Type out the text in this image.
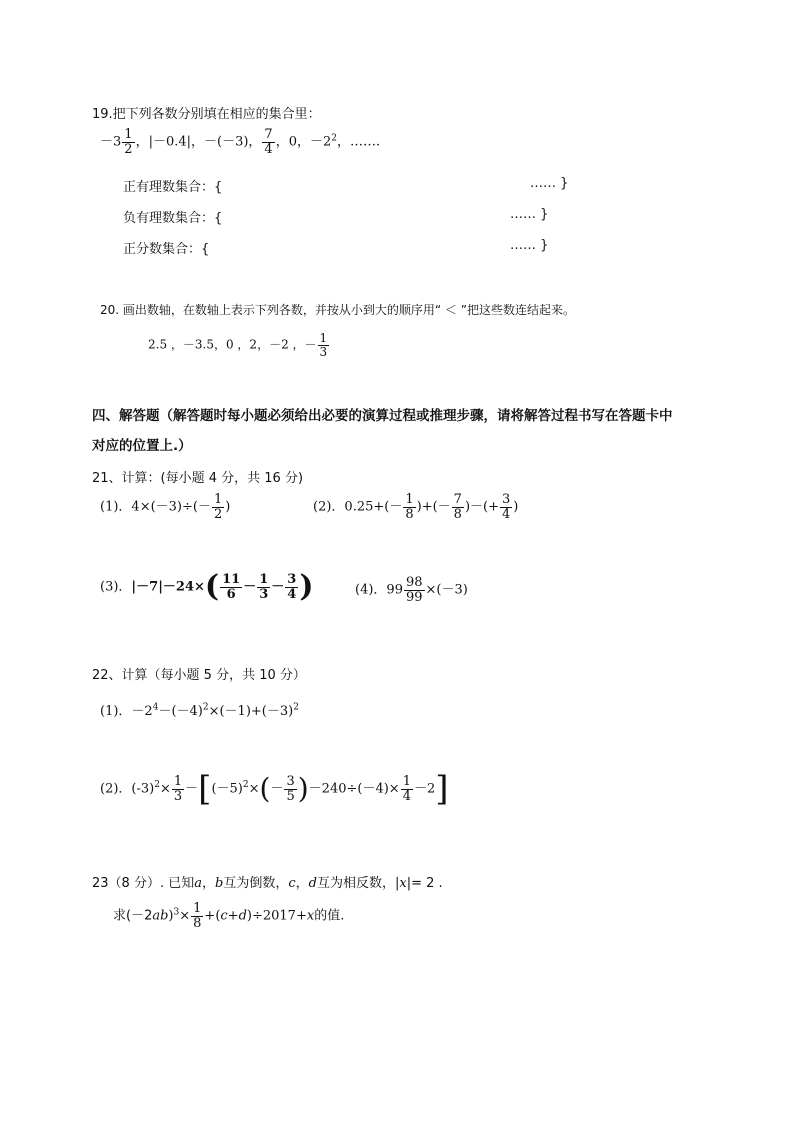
19.把下列各数分别填在相应的集合里：
$-3 \frac{1}{2}$ ，|－0.4|，－(－3)， $\frac{7}{4}$ ，0，$-2^2$，…….
正有理数集合：{	…… }
负有理数集合：{	…… }
正分数集合：{	…… }
20. 画出数轴，在数轴上表示下列各数，并按从小到大的顺序用“ ＜ ”把这些数连结起来。
2.5 ，－3.5，0 ，2，－2 ，－ $\frac{1}{3}$
四、解答题（解答题时每小题必须给出必要的演算过程或推理步骤，请将解答过程书写在答题卡中
对应的位置上.）
21、计算：(每小题 4 分，共 16 分)
(1)．$4\times(-3)\div(- \frac{1}{2}$ )	(2)．$0.25+(- \frac{1}{8}$ )+(－ $\frac{7}{8}$ )－(+ $\frac{3}{4}$ )
(3)．$|-7|-24\times( \frac{11}{6} - \frac{1}{3} - \frac{3}{4}$ )	(4)．$99 \frac{98}{99} \times(-3)$
22、计算（每小题 5 分，共 10 分）
(1)．$-2^4-(-4)^2\times(-1)+(-3)^2$
(2)．$(-3)^2\times \frac{1}{3} -[(-5)^2\times(- \frac{3}{5} )-240\div(-4)\times \frac{1}{4} -2]$
23（8 分）. 已知a，b互为倒数，c，d互为相反数，|x|= 2 .
求$(-2ab)^3\times \frac{1}{8} +(c+d)\div 2017+x$的值.
